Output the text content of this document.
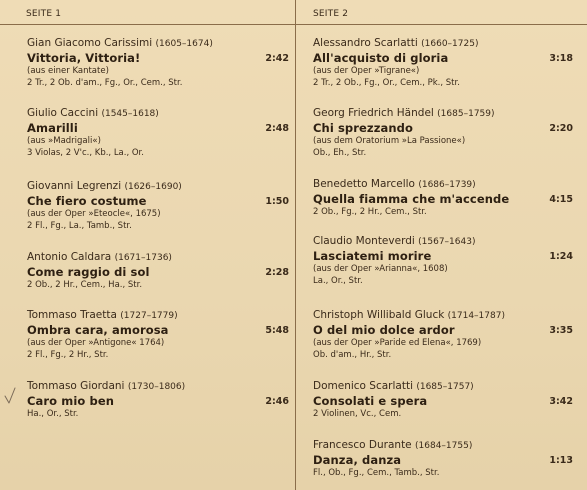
SEITE 1
Gian Giacomo Carissimi (1605–1674)
Vittoria, Vittoria!
(aus einer Kantate)
2 Tr., 2 Ob. d'am., Fg., Or., Cem., Str.
2:42
Giulio Caccini (1545–1618)
Amarilli
(aus »Madrigali«)
3 Violas, 2 V'c., Kb., La., Or.
2:48
Giovanni Legrenzi (1626–1690)
Che fiero costume
(aus der Oper »Eteocle«, 1675)
2 Fl., Fg., La., Tamb., Str.
1:50
Antonio Caldara (1671–1736)
Come raggio di sol
2 Ob., 2 Hr., Cem., Ha., Str.
2:28
Tommaso Traetta (1727–1779)
Ombra cara, amorosa
(aus der Oper »Antigone« 1764)
2 Fl., Fg., 2 Hr., Str.
5:48
Tommaso Giordani (1730–1806)
Caro mio ben
Ha., Or., Str.
2:46
SEITE 2
Alessandro Scarlatti (1660–1725)
All'acquisto di gloria
(aus der Oper »Tigrane«)
2 Tr., 2 Ob., Fg., Or., Cem., Pk., Str.
3:18
Georg Friedrich Händel (1685–1759)
Chi sprezzando
(aus dem Oratorium »La Passione«)
Ob., Eh., Str.
2:20
Benedetto Marcello (1686–1739)
Quella fiamma che m'accende
2 Ob., Fg., 2 Hr., Cem., Str.
4:15
Claudio Monteverdi (1567–1643)
Lasciatemi morire
(aus der Oper »Arianna«, 1608)
La., Or., Str.
1:24
Christoph Willibald Gluck (1714–1787)
O del mio dolce ardor
(aus der Oper »Paride ed Elena«, 1769)
Ob. d'am., Hr., Str.
3:35
Domenico Scarlatti (1685–1757)
Consolati e spera
2 Violinen, Vc., Cem.
3:42
Francesco Durante (1684–1755)
Danza, danza
Fl., Ob., Fg., Cem., Tamb., Str.
1:13
